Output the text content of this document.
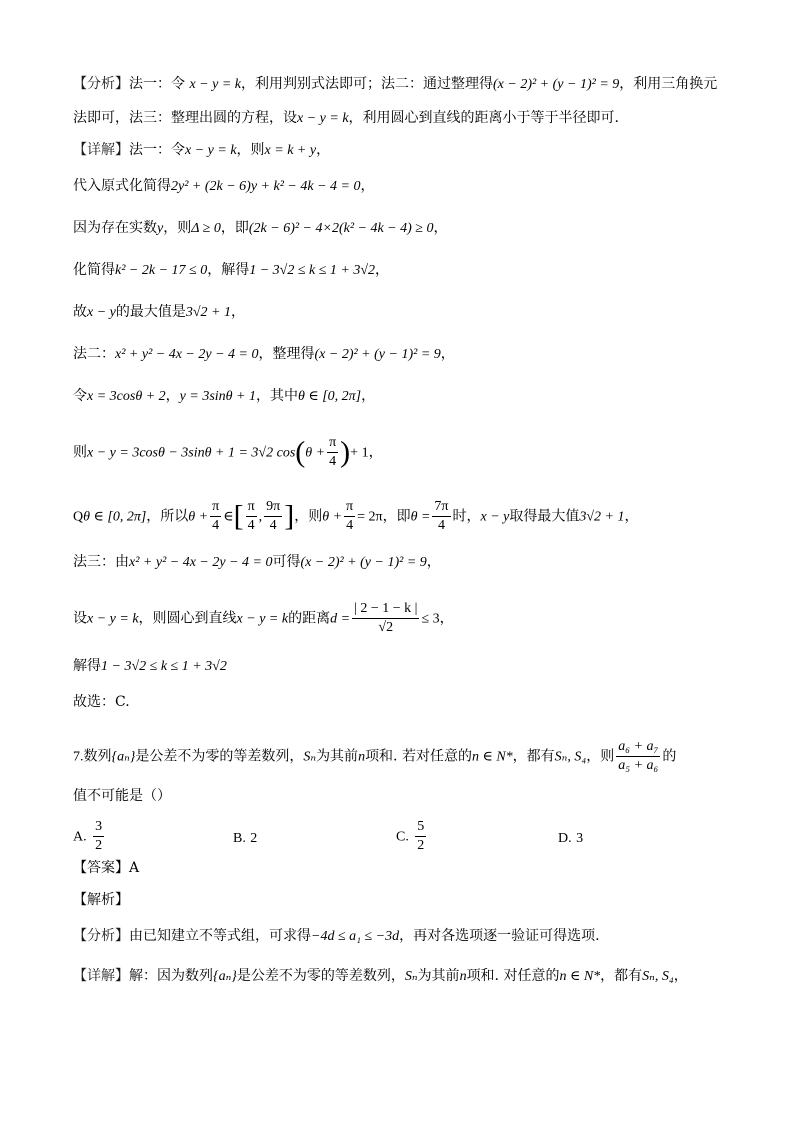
【分析】法一：令 x − y = k，利用判别式法即可；法二：通过整理得(x − 2)² + (y − 1)² = 9，利用三角换元
法即可，法三：整理出圆的方程，设x − y = k，利用圆心到直线的距离小于等于半径即可.
【详解】法一：令x − y = k，则x = k + y，
代入原式化简得2y² + (2k − 6)y + k² − 4k − 4 = 0，
因为存在实数y，则Δ ≥ 0，即(2k − 6)² − 4×2(k² − 4k − 4) ≥ 0，
化简得k² − 2k − 17 ≤ 0，解得1 − 3√2 ≤ k ≤ 1 + 3√2，
故x − y的最大值是3√2 + 1，
法二：x² + y² − 4x − 2y − 4 = 0，整理得(x − 2)² + (y − 1)² = 9，
令x = 3cosθ + 2，y = 3sinθ + 1，其中θ ∈ [0, 2π]，
则x − y = 3cosθ − 3sinθ + 1 = 3√2 $\cos(\theta + \frac{\pi}{4}$ )+ 1，
Qθ ∈ [0, 2π]，所以$\theta + \frac{\pi}{4}$ ∈[ $\frac{\pi}{4}$ , $\frac{9\pi}{4}$ ]，则$\theta + \frac{\pi}{4} = 2\pi$，即$\theta = \frac{7\pi}{4}$ 时，x − y取得最大值3√2 + 1，
法三：由x² + y² − 4x − 2y − 4 = 0可得(x − 2)² + (y − 1)² = 9，
设x − y = k，则圆心到直线x − y = k的距离$d = \frac{| 2 - 1 - k |}{√2} \le 3$，
解得1 − 3√2 ≤ k ≤ 1 + 3√2
故选：C.
7.数列{aₙ}是公差不为零的等差数列，Sₙ为其前n项和. 若对任意的n ∈ N*，都有Sₙ, S₄，则 $\frac{\text{a₆ + a₇}}{\text{a₅ + a₆}}$ 的
值不可能是（）
A. $\frac{3}{2}$	B. 2	C. $\frac{5}{2}$	D. 3
【答案】A
【解析】
【分析】由已知建立不等式组，可求得−4d ≤ a₁ ≤ −3d，再对各选项逐一验证可得选项.
【详解】解：因为数列{aₙ}是公差不为零的等差数列，Sₙ为其前n项和. 对任意的n ∈ N*，都有Sₙ, S₄，
